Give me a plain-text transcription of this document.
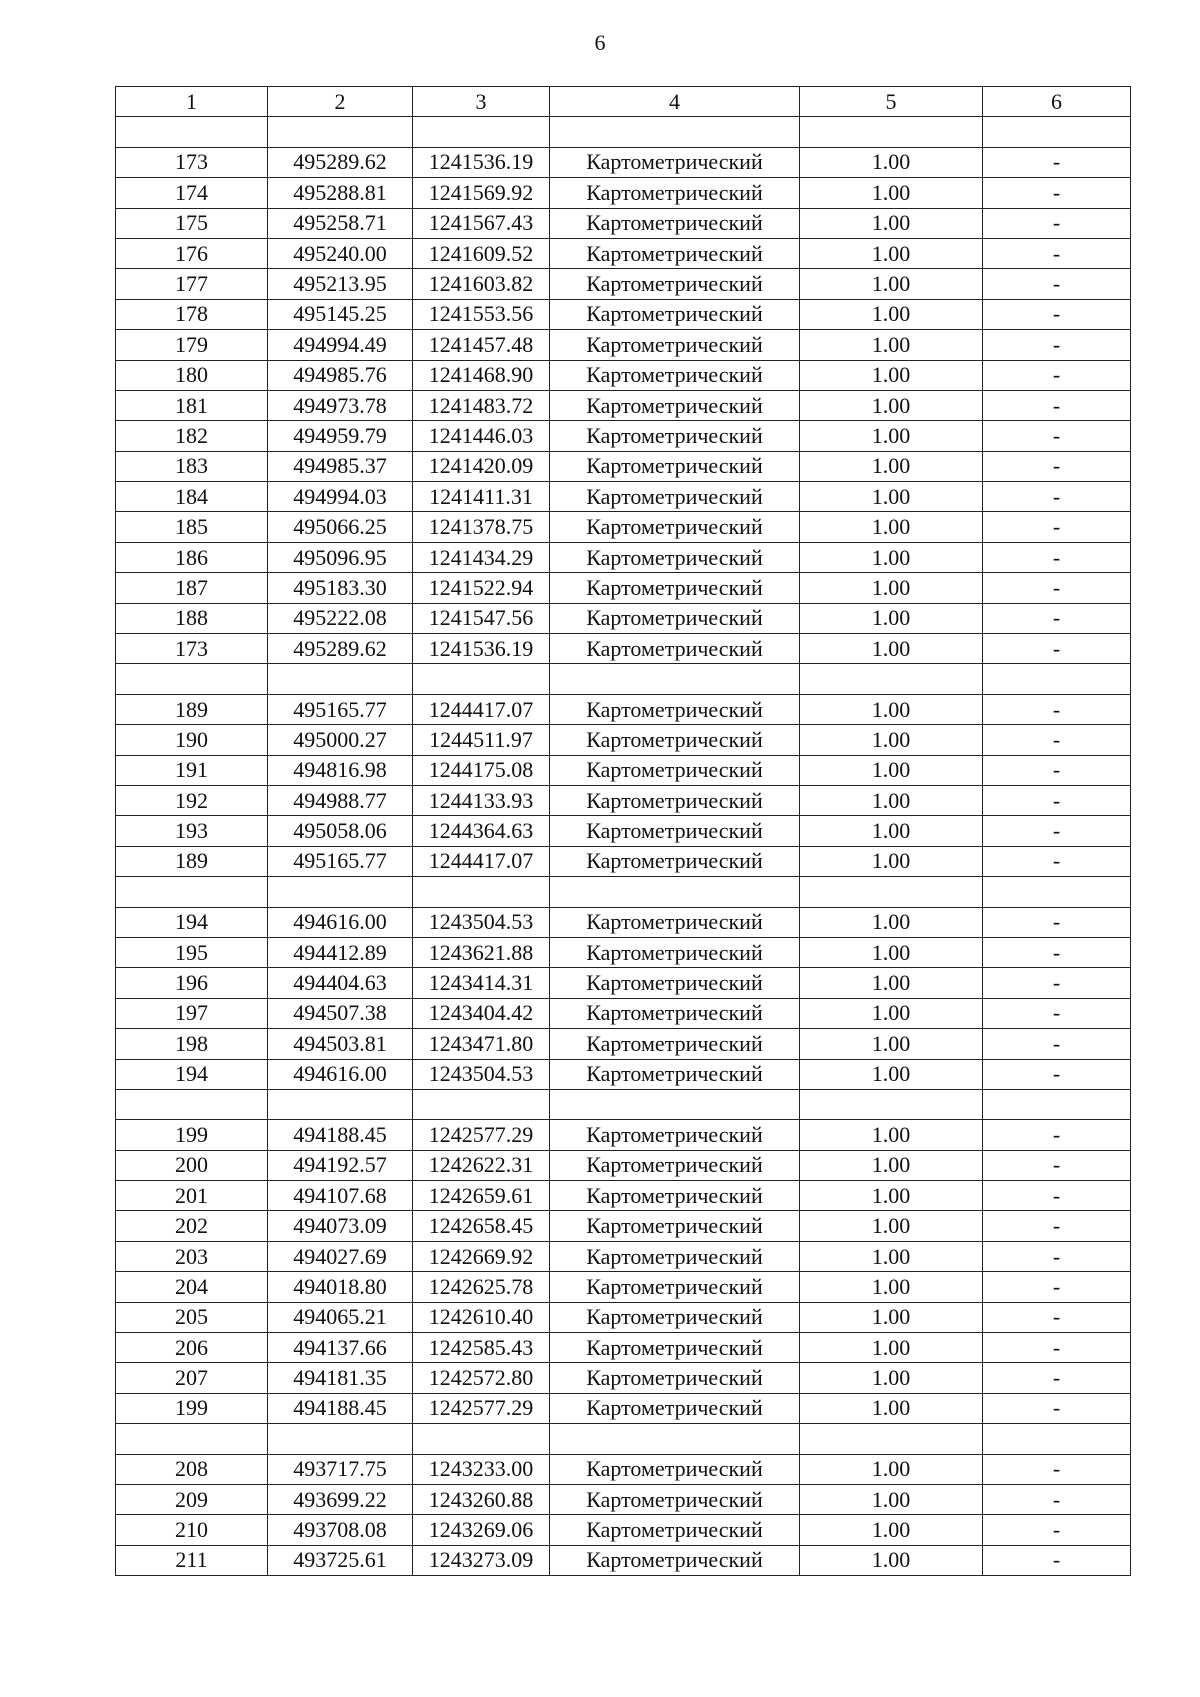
6
1	2	3	4	5	6

173	495289.62	1241536.19	Картометрический	1.00	-
174	495288.81	1241569.92	Картометрический	1.00	-
175	495258.71	1241567.43	Картометрический	1.00	-
176	495240.00	1241609.52	Картометрический	1.00	-
177	495213.95	1241603.82	Картометрический	1.00	-
178	495145.25	1241553.56	Картометрический	1.00	-
179	494994.49	1241457.48	Картометрический	1.00	-
180	494985.76	1241468.90	Картометрический	1.00	-
181	494973.78	1241483.72	Картометрический	1.00	-
182	494959.79	1241446.03	Картометрический	1.00	-
183	494985.37	1241420.09	Картометрический	1.00	-
184	494994.03	1241411.31	Картометрический	1.00	-
185	495066.25	1241378.75	Картометрический	1.00	-
186	495096.95	1241434.29	Картометрический	1.00	-
187	495183.30	1241522.94	Картометрический	1.00	-
188	495222.08	1241547.56	Картометрический	1.00	-
173	495289.62	1241536.19	Картометрический	1.00	-

189	495165.77	1244417.07	Картометрический	1.00	-
190	495000.27	1244511.97	Картометрический	1.00	-
191	494816.98	1244175.08	Картометрический	1.00	-
192	494988.77	1244133.93	Картометрический	1.00	-
193	495058.06	1244364.63	Картометрический	1.00	-
189	495165.77	1244417.07	Картометрический	1.00	-

194	494616.00	1243504.53	Картометрический	1.00	-
195	494412.89	1243621.88	Картометрический	1.00	-
196	494404.63	1243414.31	Картометрический	1.00	-
197	494507.38	1243404.42	Картометрический	1.00	-
198	494503.81	1243471.80	Картометрический	1.00	-
194	494616.00	1243504.53	Картометрический	1.00	-

199	494188.45	1242577.29	Картометрический	1.00	-
200	494192.57	1242622.31	Картометрический	1.00	-
201	494107.68	1242659.61	Картометрический	1.00	-
202	494073.09	1242658.45	Картометрический	1.00	-
203	494027.69	1242669.92	Картометрический	1.00	-
204	494018.80	1242625.78	Картометрический	1.00	-
205	494065.21	1242610.40	Картометрический	1.00	-
206	494137.66	1242585.43	Картометрический	1.00	-
207	494181.35	1242572.80	Картометрический	1.00	-
199	494188.45	1242577.29	Картометрический	1.00	-

208	493717.75	1243233.00	Картометрический	1.00	-
209	493699.22	1243260.88	Картометрический	1.00	-
210	493708.08	1243269.06	Картометрический	1.00	-
211	493725.61	1243273.09	Картометрический	1.00	-
